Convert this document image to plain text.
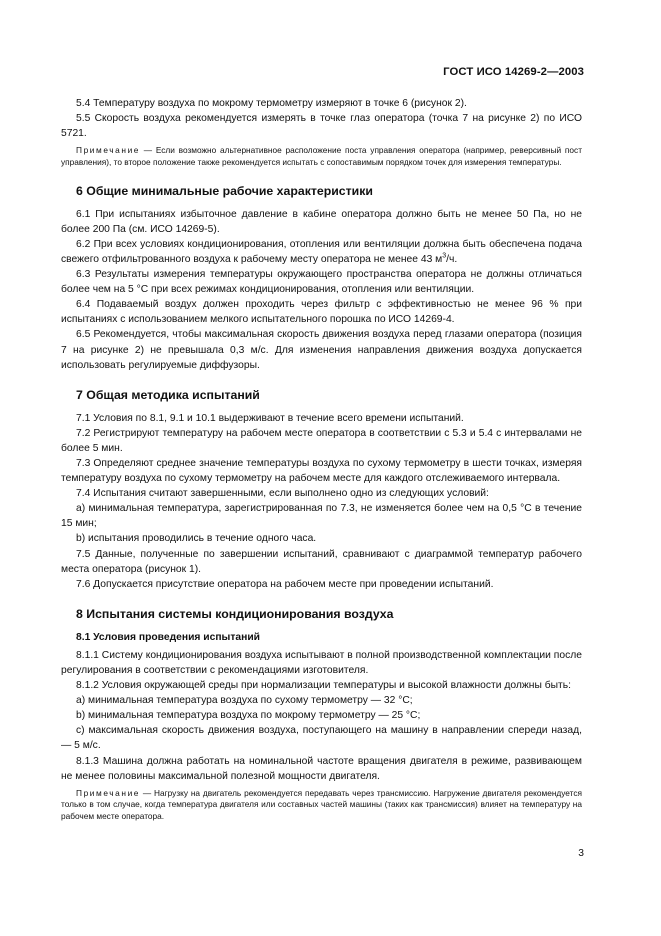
ГОСТ ИСО 14269-2—2003

5.4 Температуру воздуха по мокрому термометру измеряют в точке 6 (рисунок 2).

5.5 Скорость воздуха рекомендуется измерять в точке глаз оператора (точка 7 на рисунке 2) по ИСО 5721.

Примечание — Если возможно альтернативное расположение поста управления оператора (например, реверсивный пост управления), то второе положение также рекомендуется испытать с сопоставимым порядком точек для измерения температуры.

6 Общие минимальные рабочие характеристики

6.1 При испытаниях избыточное давление в кабине оператора должно быть не менее 50 Па, но не более 200 Па (см. ИСО 14269-5).

6.2 При всех условиях кондиционирования, отопления или вентиляции должна быть обеспечена подача свежего отфильтрованного воздуха к рабочему месту оператора не менее 43 $м^3/ч$.

6.3 Результаты измерения температуры окружающего пространства оператора не должны отличаться более чем на 5 °С при всех режимах кондиционирования, отопления или вентиляции.

6.4 Подаваемый воздух должен проходить через фильтр с эффективностью не менее 96 % при испытаниях с использованием мелкого испытательного порошка по ИСО 14269-4.

6.5 Рекомендуется, чтобы максимальная скорость движения воздуха перед глазами оператора (позиция 7 на рисунке 2) не превышала 0,3 м/с. Для изменения направления движения воздуха допускается использовать регулируемые диффузоры.

7 Общая методика испытаний

7.1 Условия по 8.1, 9.1 и 10.1 выдерживают в течение всего времени испытаний.

7.2 Регистрируют температуру на рабочем месте оператора в соответствии с 5.3 и 5.4 с интервалами не более 5 мин.

7.3 Определяют среднее значение температуры воздуха по сухому термометру в шести точках, измеряя температуру воздуха по сухому термометру на рабочем месте для каждого отслеживаемого интервала.

7.4 Испытания считают завершенными, если выполнено одно из следующих условий:

a) минимальная температура, зарегистрированная по 7.3, не изменяется более чем на 0,5 °С в течение 15 мин;

b) испытания проводились в течение одного часа.

7.5 Данные, полученные по завершении испытаний, сравнивают с диаграммой температур рабочего места оператора (рисунок 1).

7.6 Допускается присутствие оператора на рабочем месте при проведении испытаний.

8 Испытания системы кондиционирования воздуха
8.1 Условия проведения испытаний

8.1.1 Систему кондиционирования воздуха испытывают в полной производственной комплектации после регулирования в соответствии с рекомендациями изготовителя.

8.1.2 Условия окружающей среды при нормализации температуры и высокой влажности должны быть:

a) минимальная температура воздуха по сухому термометру — 32 °С;

b) минимальная температура воздуха по мокрому термометру — 25 °С;

c) максимальная скорость движения воздуха, поступающего на машину в направлении спереди назад, — 5 м/с.

8.1.3 Машина должна работать на номинальной частоте вращения двигателя в режиме, развивающем не менее половины максимальной полезной мощности двигателя.

Примечание — Нагрузку на двигатель рекомендуется передавать через трансмиссию. Нагружение двигателя рекомендуется только в том случае, когда температура двигателя или составных частей машины (таких как трансмиссия) влияет на температуру на рабочем месте оператора.

3
